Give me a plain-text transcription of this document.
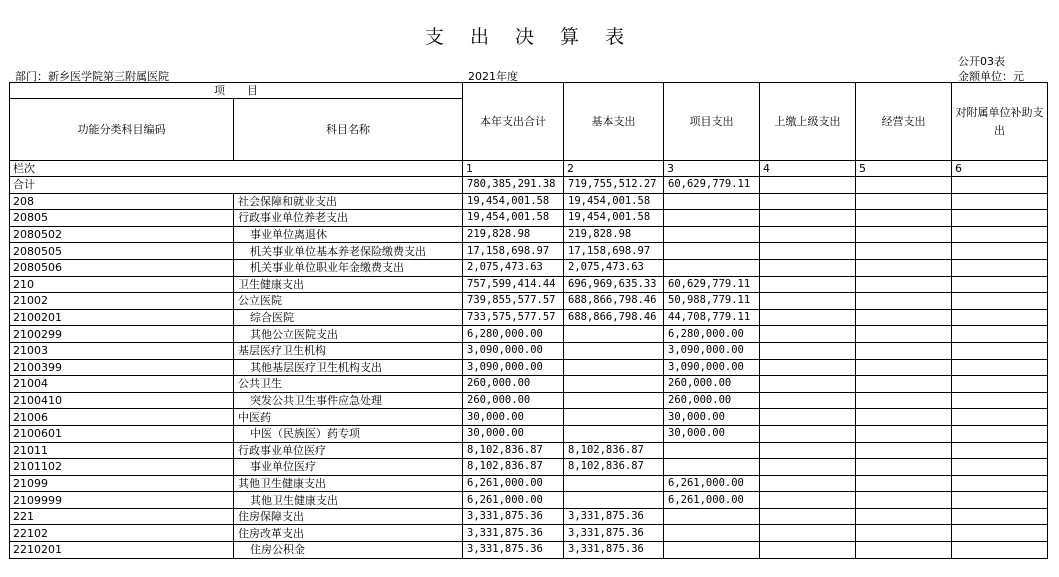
支 出 决 算 表
公开03表
部门：新乡医学院第三附属医院	2021年度	金额单位：元
项　　目		本年支出合计	基本支出	项目支出	上缴上级支出	经营支出	对附属单位补助支出
功能分类科目编码	科目名称						
栏次		1	2	3	4	5	6
合计		780,385,291.38	719,755,512.27	60,629,779.11			
208	社会保障和就业支出	19,454,001.58	19,454,001.58				
20805	行政事业单位养老支出	19,454,001.58	19,454,001.58				
2080502	事业单位离退休	219,828.98	219,828.98				
2080505	机关事业单位基本养老保险缴费支出	17,158,698.97	17,158,698.97				
2080506	机关事业单位职业年金缴费支出	2,075,473.63	2,075,473.63				
210	卫生健康支出	757,599,414.44	696,969,635.33	60,629,779.11			
21002	公立医院	739,855,577.57	688,866,798.46	50,988,779.11			
2100201	综合医院	733,575,577.57	688,866,798.46	44,708,779.11			
2100299	其他公立医院支出	6,280,000.00		6,280,000.00			
21003	基层医疗卫生机构	3,090,000.00		3,090,000.00			
2100399	其他基层医疗卫生机构支出	3,090,000.00		3,090,000.00			
21004	公共卫生	260,000.00		260,000.00			
2100410	突发公共卫生事件应急处理	260,000.00		260,000.00			
21006	中医药	30,000.00		30,000.00			
2100601	中医（民族医）药专项	30,000.00		30,000.00			
21011	行政事业单位医疗	8,102,836.87	8,102,836.87				
2101102	事业单位医疗	8,102,836.87	8,102,836.87				
21099	其他卫生健康支出	6,261,000.00		6,261,000.00			
2109999	其他卫生健康支出	6,261,000.00		6,261,000.00			
221	住房保障支出	3,331,875.36	3,331,875.36				
22102	住房改革支出	3,331,875.36	3,331,875.36				
2210201	住房公积金	3,331,875.36	3,331,875.36				
